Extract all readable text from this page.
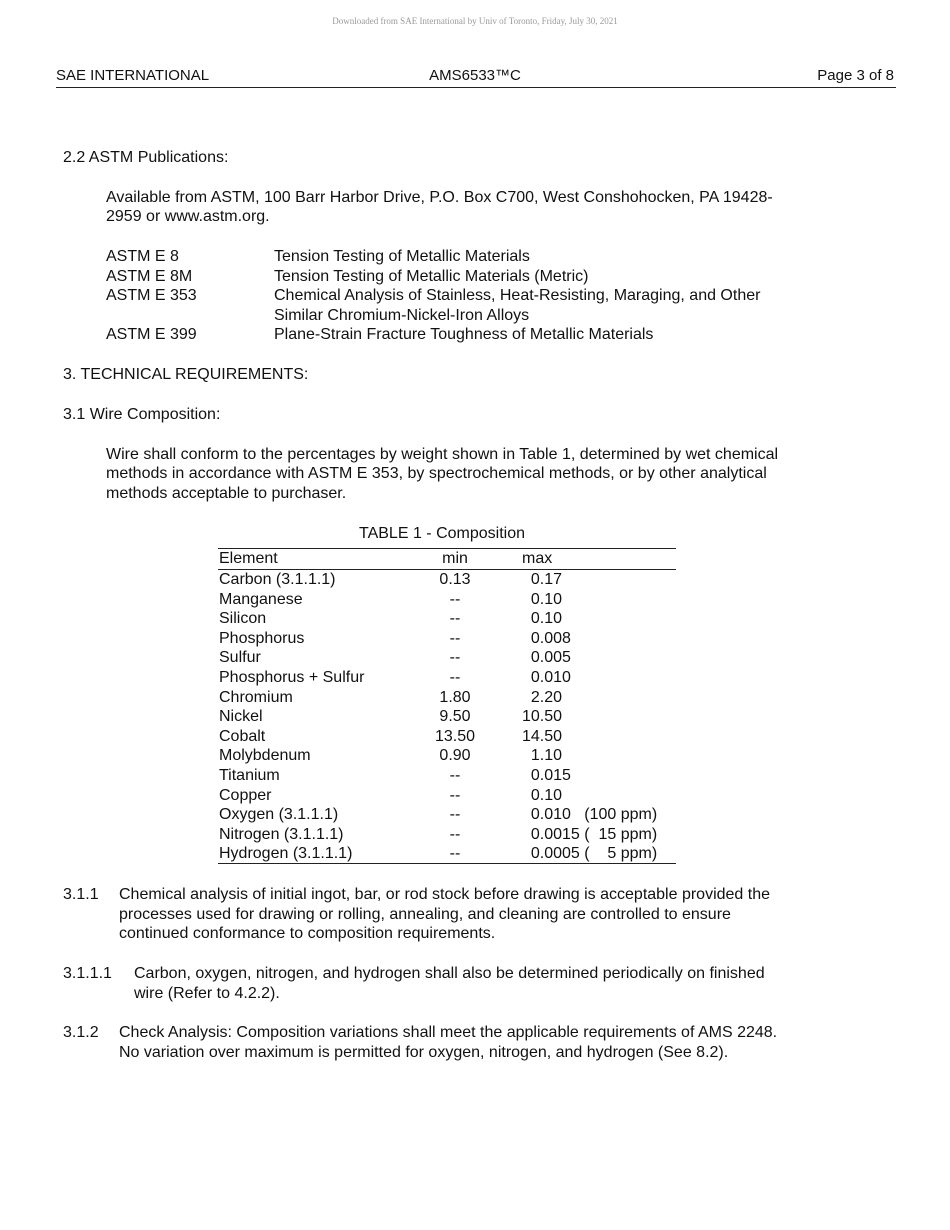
Downloaded from SAE International by Univ of Toronto, Friday, July 30, 2021
SAE INTERNATIONAL	AMS6533™C	Page 3 of 8
2.2 ASTM Publications:
Available from ASTM, 100 Barr Harbor Drive, P.O. Box C700, West Conshohocken, PA 19428-
2959 or www.astm.org.
ASTM E 8	Tension Testing of Metallic Materials
ASTM E 8M	Tension Testing of Metallic Materials (Metric)
ASTM E 353	Chemical Analysis of Stainless, Heat-Resisting, Maraging, and Other
Similar Chromium-Nickel-Iron Alloys
ASTM E 399	Plane-Strain Fracture Toughness of Metallic Materials
3. TECHNICAL REQUIREMENTS:
3.1 Wire Composition:
Wire shall conform to the percentages by weight shown in Table 1, determined by wet chemical
methods in accordance with ASTM E 353, by spectrochemical methods, or by other analytical
methods acceptable to purchaser.
TABLE 1 - Composition
Element	min	max
Carbon (3.1.1.1)	0.13	0.17
Manganese	--	0.10
Silicon	--	0.10
Phosphorus	--	0.008
Sulfur	--	0.005
Phosphorus + Sulfur	--	0.010
Chromium	1.80	2.20
Nickel	9.50	10.50
Cobalt	13.50	14.50
Molybdenum	0.90	1.10
Titanium	--	0.015
Copper	--	0.10
Oxygen (3.1.1.1)	--	0.010   (100 ppm)
Nitrogen (3.1.1.1)	--	0.0015 (  15 ppm)
Hydrogen (3.1.1.1)	--	0.0005 (    5 ppm)
3.1.1 Chemical analysis of initial ingot, bar, or rod stock before drawing is acceptable provided the
processes used for drawing or rolling, annealing, and cleaning are controlled to ensure
continued conformance to composition requirements.
3.1.1.1 Carbon, oxygen, nitrogen, and hydrogen shall also be determined periodically on finished
wire (Refer to 4.2.2).
3.1.2 Check Analysis: Composition variations shall meet the applicable requirements of AMS 2248.
No variation over maximum is permitted for oxygen, nitrogen, and hydrogen (See 8.2).
